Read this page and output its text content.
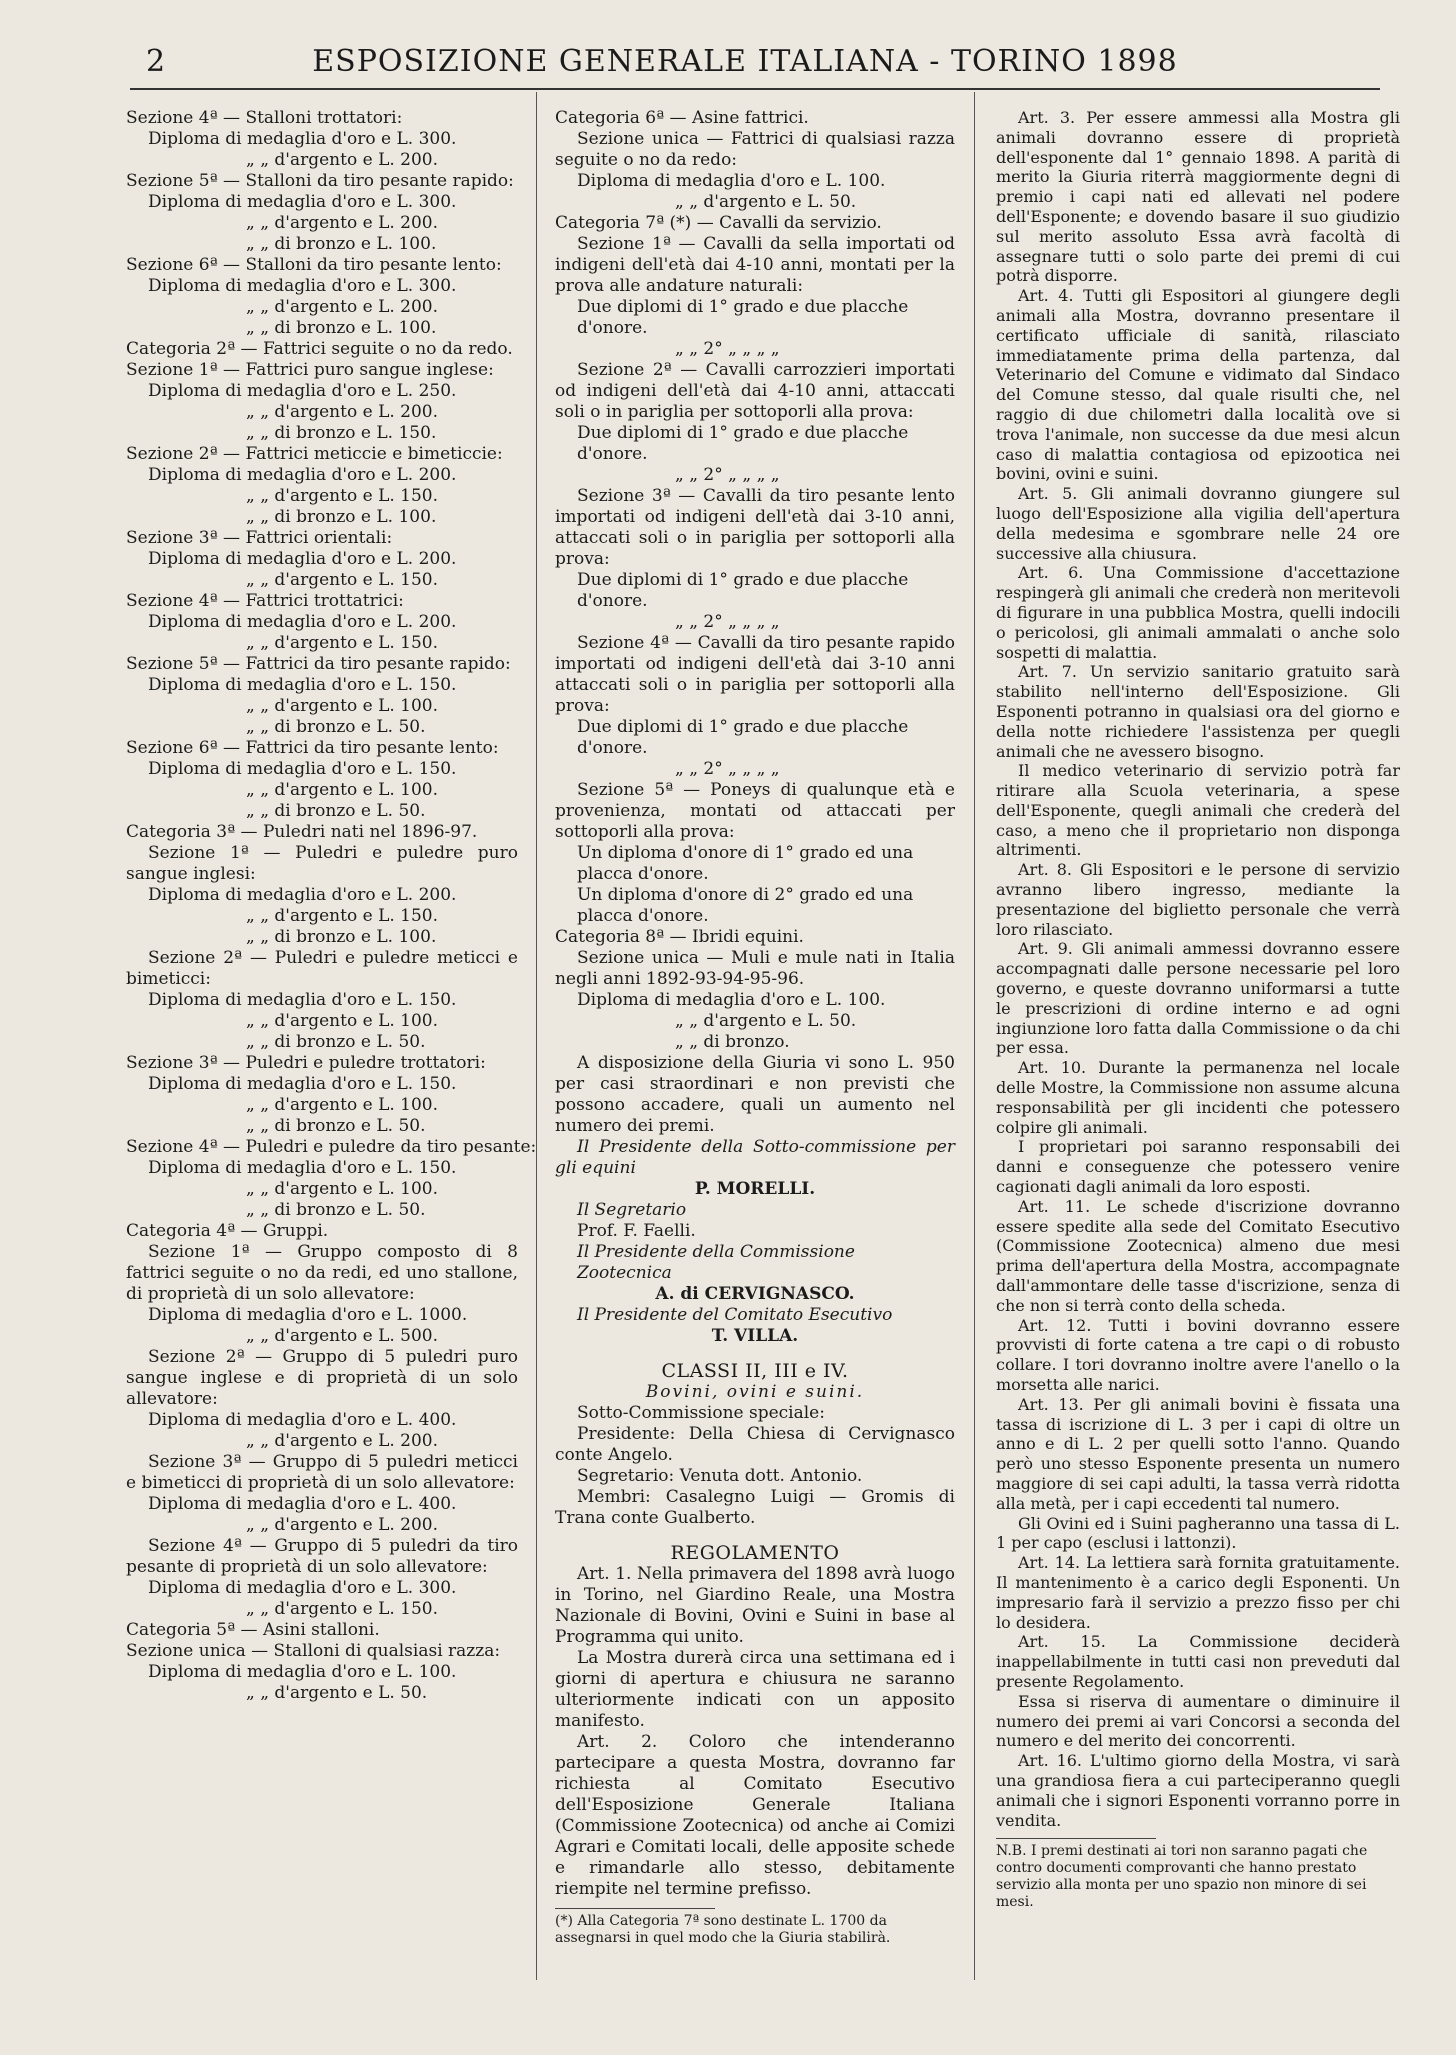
2	ESPOSIZIONE GENERALE ITALIANA - TORINO 1898

Sezione 4ª — Stalloni trottatori:

Diploma di medaglia d'oro e L. 300.

„ „ d'argento e L. 200.

Sezione 5ª — Stalloni da tiro pesante rapido:

Diploma di medaglia d'oro e L. 300.

„ „ d'argento e L. 200.

„ „ di bronzo e L. 100.

Sezione 6ª — Stalloni da tiro pesante lento:

Diploma di medaglia d'oro e L. 300.

„ „ d'argento e L. 200.

„ „ di bronzo e L. 100.

Categoria 2ª — Fattrici seguite o no da redo.

Sezione 1ª — Fattrici puro sangue inglese:

Diploma di medaglia d'oro e L. 250.

„ „ d'argento e L. 200.

„ „ di bronzo e L. 150.

Sezione 2ª — Fattrici meticcie e bimeticcie:

Diploma di medaglia d'oro e L. 200.

„ „ d'argento e L. 150.

„ „ di bronzo e L. 100.

Sezione 3ª — Fattrici orientali:

Diploma di medaglia d'oro e L. 200.

„ „ d'argento e L. 150.

Sezione 4ª — Fattrici trottatrici:

Diploma di medaglia d'oro e L. 200.

„ „ d'argento e L. 150.

Sezione 5ª — Fattrici da tiro pesante rapido:

Diploma di medaglia d'oro e L. 150.

„ „ d'argento e L. 100.

„ „ di bronzo e L. 50.

Sezione 6ª — Fattrici da tiro pesante lento:

Diploma di medaglia d'oro e L. 150.

„ „ d'argento e L. 100.

„ „ di bronzo e L. 50.

Categoria 3ª — Puledri nati nel 1896-97.

Sezione 1ª — Puledri e puledre puro sangue inglesi:

Diploma di medaglia d'oro e L. 200.

„ „ d'argento e L. 150.

„ „ di bronzo e L. 100.

Sezione 2ª — Puledri e puledre meticci e bimeticci:

Diploma di medaglia d'oro e L. 150.

„ „ d'argento e L. 100.

„ „ di bronzo e L. 50.

Sezione 3ª — Puledri e puledre trottatori:

Diploma di medaglia d'oro e L. 150.

„ „ d'argento e L. 100.

„ „ di bronzo e L. 50.

Sezione 4ª — Puledri e puledre da tiro pesante:

Diploma di medaglia d'oro e L. 150.

„ „ d'argento e L. 100.

„ „ di bronzo e L. 50.

Categoria 4ª — Gruppi.

Sezione 1ª — Gruppo composto di 8 fattrici seguite o no da redi, ed uno stallone, di proprietà di un solo allevatore:

Diploma di medaglia d'oro e L. 1000.

„ „ d'argento e L. 500.

Sezione 2ª — Gruppo di 5 puledri puro sangue inglese e di proprietà di un solo allevatore:

Diploma di medaglia d'oro e L. 400.

„ „ d'argento e L. 200.

Sezione 3ª — Gruppo di 5 puledri meticci e bimeticci di proprietà di un solo allevatore:

Diploma di medaglia d'oro e L. 400.

„ „ d'argento e L. 200.

Sezione 4ª — Gruppo di 5 puledri da tiro pesante di proprietà di un solo allevatore:

Diploma di medaglia d'oro e L. 300.

„ „ d'argento e L. 150.

Categoria 5ª — Asini stalloni.

Sezione unica — Stalloni di qualsiasi razza:

Diploma di medaglia d'oro e L. 100.

„ „ d'argento e L. 50.

Categoria 6ª — Asine fattrici.

Sezione unica — Fattrici di qualsiasi razza seguite o no da redo:

Diploma di medaglia d'oro e L. 100.

„ „ d'argento e L. 50.

Categoria 7ª (*) — Cavalli da servizio.

Sezione 1ª — Cavalli da sella importati od indigeni dell'età dai 4-10 anni, montati per la prova alle andature naturali:

Due diplomi di 1° grado e due placche d'onore.

„ „ 2° „ „ „ „

Sezione 2ª — Cavalli carrozzieri importati od indigeni dell'età dai 4-10 anni, attaccati soli o in pariglia per sottoporli alla prova:

Due diplomi di 1° grado e due placche d'onore.

„ „ 2° „ „ „ „

Sezione 3ª — Cavalli da tiro pesante lento importati od indigeni dell'età dai 3-10 anni, attaccati soli o in pariglia per sottoporli alla prova:

Due diplomi di 1° grado e due placche d'onore.

„ „ 2° „ „ „ „

Sezione 4ª — Cavalli da tiro pesante rapido importati od indigeni dell'età dai 3-10 anni attaccati soli o in pariglia per sottoporli alla prova:

Due diplomi di 1° grado e due placche d'onore.

„ „ 2° „ „ „ „

Sezione 5ª — Poneys di qualunque età e provenienza, montati od attaccati per sottoporli alla prova:

Un diploma d'onore di 1° grado ed una placca d'onore.

Un diploma d'onore di 2° grado ed una placca d'onore.

Categoria 8ª — Ibridi equini.

Sezione unica — Muli e mule nati in Italia negli anni 1892-93-94-95-96.

Diploma di medaglia d'oro e L. 100.

„ „ d'argento e L. 50.

„ „ di bronzo.

A disposizione della Giuria vi sono L. 950 per casi straordinari e non previsti che possono accadere, quali un aumento nel numero dei premi.

Il Presidente della Sotto-commissione per gli equini

P. MORELLI.

Il Segretario

Prof. F. Faelli.

Il Presidente della Commissione Zootecnica

A. di CERVIGNASCO.

Il Presidente del Comitato Esecutivo

T. VILLA.

CLASSI II, III e IV.

Bovini, ovini e suini.

Sotto-Commissione speciale:

Presidente: Della Chiesa di Cervignasco conte Angelo.

Segretario: Venuta dott. Antonio.

Membri: Casalegno Luigi — Gromis di Trana conte Gualberto.

REGOLAMENTO

Art. 1. Nella primavera del 1898 avrà luogo in Torino, nel Giardino Reale, una Mostra Nazionale di Bovini, Ovini e Suini in base al Programma qui unito.

La Mostra durerà circa una settimana ed i giorni di apertura e chiusura ne saranno ulteriormente indicati con un apposito manifesto.

Art. 2. Coloro che intenderanno partecipare a questa Mostra, dovranno far richiesta al Comitato Esecutivo dell'Esposizione Generale Italiana (Commissione Zootecnica) od anche ai Comizi Agrari e Comitati locali, delle apposite schede e rimandarle allo stesso, debitamente riempite nel termine prefisso.

(*) Alla Categoria 7ª sono destinate L. 1700 da assegnarsi in quel modo che la Giuria stabilirà.

Art. 3. Per essere ammessi alla Mostra gli animali dovranno essere di proprietà dell'esponente dal 1° gennaio 1898. A parità di merito la Giuria riterrà maggiormente degni di premio i capi nati ed allevati nel podere dell'Esponente; e dovendo basare il suo giudizio sul merito assoluto Essa avrà facoltà di assegnare tutti o solo parte dei premi di cui potrà disporre.

Art. 4. Tutti gli Espositori al giungere degli animali alla Mostra, dovranno presentare il certificato ufficiale di sanità, rilasciato immediatamente prima della partenza, dal Veterinario del Comune e vidimato dal Sindaco del Comune stesso, dal quale risulti che, nel raggio di due chilometri dalla località ove si trova l'animale, non successe da due mesi alcun caso di malattia contagiosa od epizootica nei bovini, ovini e suini.

Art. 5. Gli animali dovranno giungere sul luogo dell'Esposizione alla vigilia dell'apertura della medesima e sgombrare nelle 24 ore successive alla chiusura.

Art. 6. Una Commissione d'accettazione respingerà gli animali che crederà non meritevoli di figurare in una pubblica Mostra, quelli indocili o pericolosi, gli animali ammalati o anche solo sospetti di malattia.

Art. 7. Un servizio sanitario gratuito sarà stabilito nell'interno dell'Esposizione. Gli Esponenti potranno in qualsiasi ora del giorno e della notte richiedere l'assistenza per quegli animali che ne avessero bisogno.

Il medico veterinario di servizio potrà far ritirare alla Scuola veterinaria, a spese dell'Esponente, quegli animali che crederà del caso, a meno che il proprietario non disponga altrimenti.

Art. 8. Gli Espositori e le persone di servizio avranno libero ingresso, mediante la presentazione del biglietto personale che verrà loro rilasciato.

Art. 9. Gli animali ammessi dovranno essere accompagnati dalle persone necessarie pel loro governo, e queste dovranno uniformarsi a tutte le prescrizioni di ordine interno e ad ogni ingiunzione loro fatta dalla Commissione o da chi per essa.

Art. 10. Durante la permanenza nel locale delle Mostre, la Commissione non assume alcuna responsabilità per gli incidenti che potessero colpire gli animali.

I proprietari poi saranno responsabili dei danni e conseguenze che potessero venire cagionati dagli animali da loro esposti.

Art. 11. Le schede d'iscrizione dovranno essere spedite alla sede del Comitato Esecutivo (Commissione Zootecnica) almeno due mesi prima dell'apertura della Mostra, accompagnate dall'ammontare delle tasse d'iscrizione, senza di che non si terrà conto della scheda.

Art. 12. Tutti i bovini dovranno essere provvisti di forte catena a tre capi o di robusto collare. I tori dovranno inoltre avere l'anello o la morsetta alle narici.

Art. 13. Per gli animali bovini è fissata una tassa di iscrizione di L. 3 per i capi di oltre un anno e di L. 2 per quelli sotto l'anno. Quando però uno stesso Esponente presenta un numero maggiore di sei capi adulti, la tassa verrà ridotta alla metà, per i capi eccedenti tal numero.

Gli Ovini ed i Suini pagheranno una tassa di L. 1 per capo (esclusi i lattonzi).

Art. 14. La lettiera sarà fornita gratuitamente. Il mantenimento è a carico degli Esponenti. Un impresario farà il servizio a prezzo fisso per chi lo desidera.

Art. 15. La Commissione deciderà inappellabilmente in tutti casi non preveduti dal presente Regolamento.

Essa si riserva di aumentare o diminuire il numero dei premi ai vari Concorsi a seconda del numero e del merito dei concorrenti.

Art. 16. L'ultimo giorno della Mostra, vi sarà una grandiosa fiera a cui parteciperanno quegli animali che i signori Esponenti vorranno porre in vendita.

N.B. I premi destinati ai tori non saranno pagati che contro documenti comprovanti che hanno prestato servizio alla monta per uno spazio non minore di sei mesi.
